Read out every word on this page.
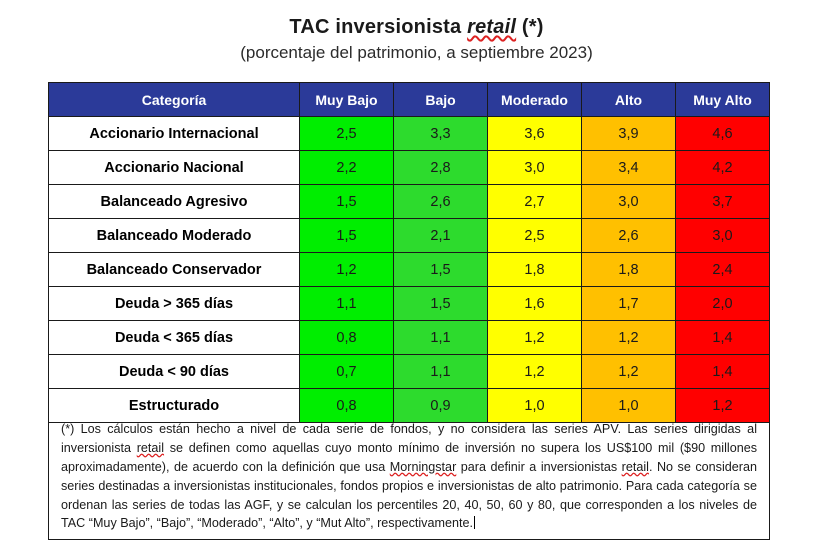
TAC inversionista retail (*)
(porcentaje del patrimonio, a septiembre 2023)
Categoría	Muy Bajo	Bajo	Moderado	Alto	Muy Alto
Accionario Internacional	2,5	3,3	3,6	3,9	4,6
Accionario Nacional	2,2	2,8	3,0	3,4	4,2
Balanceado Agresivo	1,5	2,6	2,7	3,0	3,7
Balanceado Moderado	1,5	2,1	2,5	2,6	3,0
Balanceado Conservador	1,2	1,5	1,8	1,8	2,4
Deuda > 365 días	1,1	1,5	1,6	1,7	2,0
Deuda < 365 días	0,8	1,1	1,2	1,2	1,4
Deuda < 90 días	0,7	1,1	1,2	1,2	1,4
Estructurado	0,8	0,9	1,0	1,0	1,2
(*) Los cálculos están hecho a nivel de cada serie de fondos, y no considera las series APV. Las series dirigidas al inversionista retail se definen como aquellas cuyo monto mínimo de inversión no supera los US$100 mil ($90 millones aproximadamente), de acuerdo con la definición que usa Morningstar para definir a inversionistas retail. No se consideran series destinadas a inversionistas institucionales, fondos propios e inversionistas de alto patrimonio. Para cada categoría se ordenan las series de todas las AGF, y se calculan los percentiles 20, 40, 50, 60 y 80, que corresponden a los niveles de TAC “Muy Bajo”, “Bajo”, “Moderado”, “Alto”, y “Mut Alto”, respectivamente.
